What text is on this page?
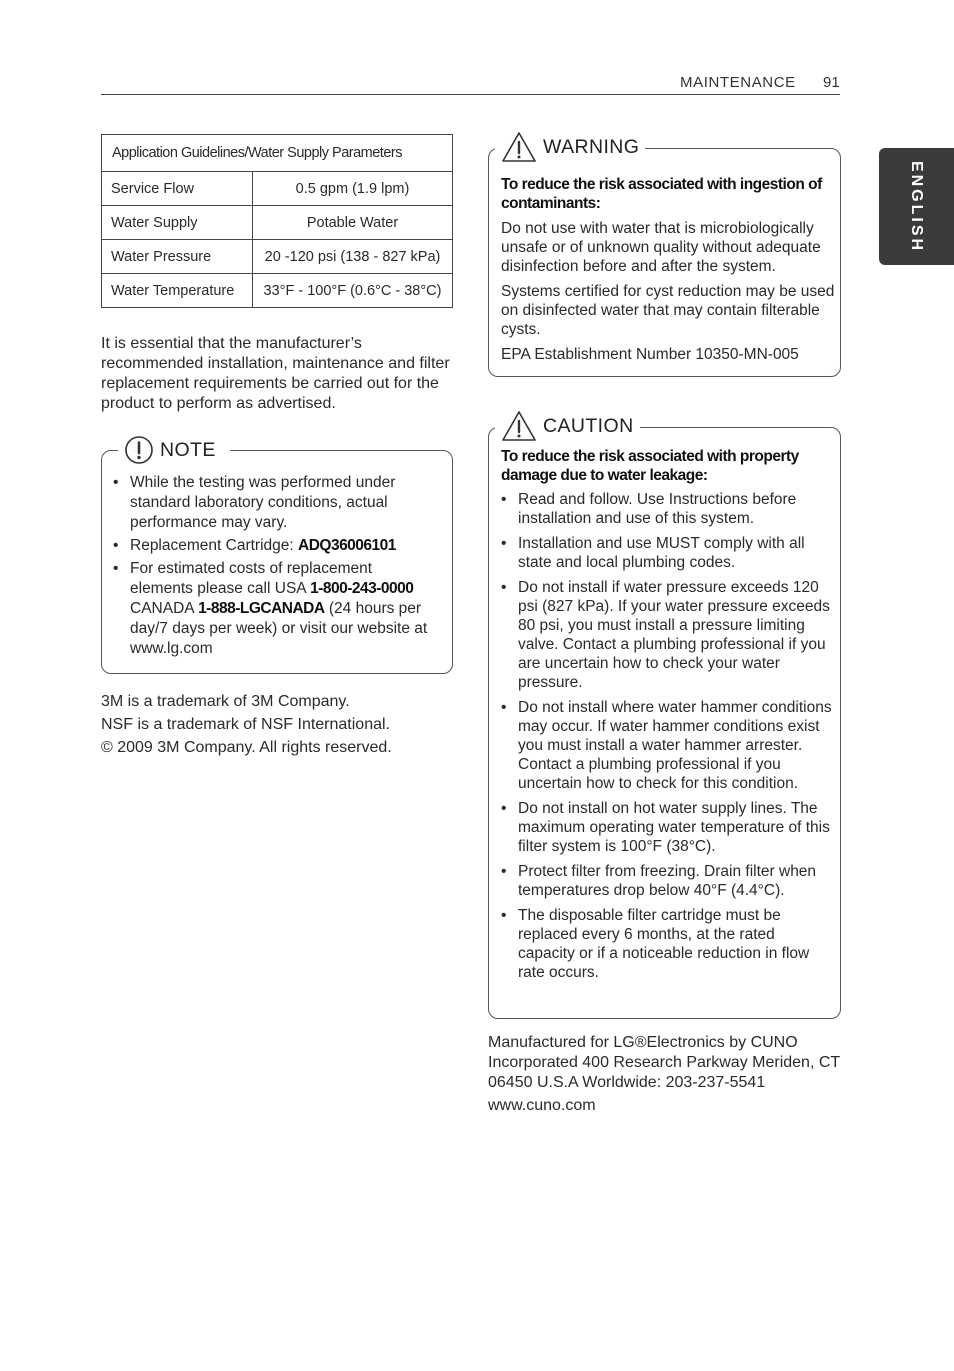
MAINTENANCE 91
ENGLISH
Application Guidelines/Water Supply Parameters	
Service Flow	0.5 gpm (1.9 lpm)
Water Supply	Potable Water
Water Pressure	20 -120 psi (138 - 827 kPa)
Water Temperature	33°F - 100°F (0.6°C - 38°C)
It is essential that the manufacturer’s recommended installation, maintenance and filter replacement requirements be carried out for the product to perform as advertised.
NOTE
• While the testing was performed under standard laboratory conditions, actual performance may vary.
• Replacement Cartridge: ADQ36006101
• For estimated costs of replacement elements please call USA 1-800-243-0000 CANADA 1-888-LGCANADA (24 hours per day/7 days per week) or visit our website at www.lg.com
3M is a trademark of 3M Company.
NSF is a trademark of NSF International.
© 2009 3M Company. All rights reserved.
WARNING
To reduce the risk associated with ingestion of contaminants:
Do not use with water that is microbiologically unsafe or of unknown quality without adequate disinfection before and after the system.
Systems certified for cyst reduction may be used on disinfected water that may contain filterable cysts.
EPA Establishment Number 10350-MN-005
CAUTION
To reduce the risk associated with property damage due to water leakage:
• Read and follow. Use Instructions before installation and use of this system.
• Installation and use MUST comply with all state and local plumbing codes.
• Do not install if water pressure exceeds 120 psi (827 kPa). If your water pressure exceeds 80 psi, you must install a pressure limiting valve. Contact a plumbing professional if you are uncertain how to check your water pressure.
• Do not install where water hammer conditions may occur. If water hammer conditions exist you must install a water hammer arrester. Contact a plumbing professional if you uncertain how to check for this condition.
• Do not install on hot water supply lines. The maximum operating water temperature of this filter system is 100°F (38°C).
• Protect filter from freezing. Drain filter when temperatures drop below 40°F (4.4°C).
• The disposable filter cartridge must be replaced every 6 months, at the rated capacity or if a noticeable reduction in flow rate occurs.
Manufactured for LG®Electronics by CUNO Incorporated 400 Research Parkway Meriden, CT 06450 U.S.A Worldwide: 203-237-5541
www.cuno.com
